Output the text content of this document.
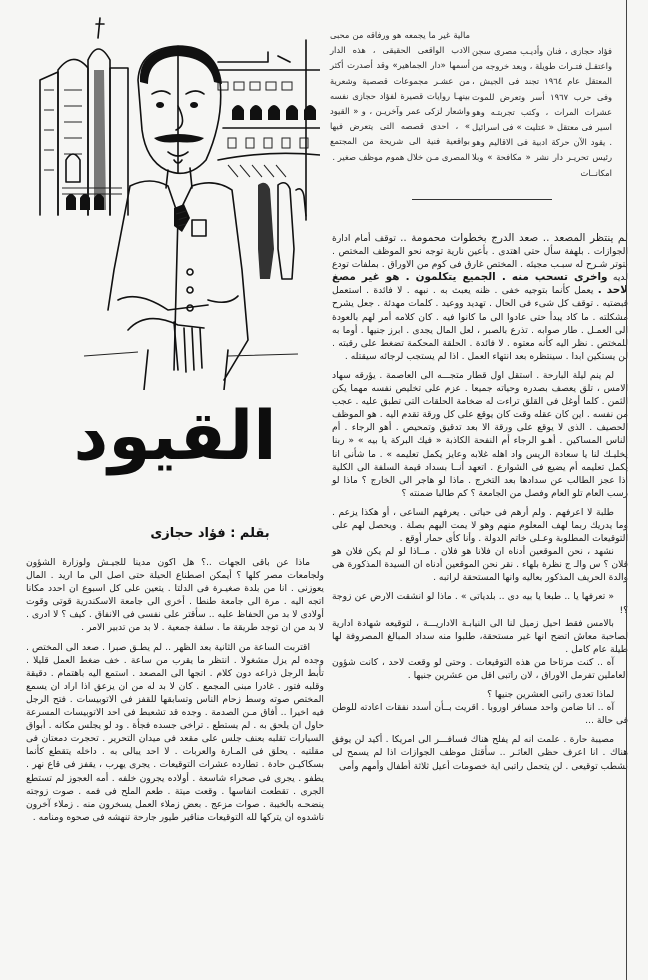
القيود
بقلم : فؤاد حجازى
فؤاد حجازى ، فنان وأديـب مصرى سجن واعتقـل فتـرات طويلة ، وبعد خروجه من المعتقل عام ١٩٦٤ تجند فى الجيش ، وفى حرب ١٩٦٧ أسر وتعرض للموت عشرات المرات ، وكتب تجربتـه وهو اسير فى معتقل « عتليت » فى اسرائيل . يقود الآن حركة ادبية فى الاقاليم وهو رئيس تحريـر دار نشر « مكافحة » وبلا امكانــات
مالية غير ما يجمعه هو ورفاقه من محبى الادب الواقعى الحقيقى ، هذه الدار أسمها «دار الجماهير» وقد أصدرت أكثر من عشـر مجموعات قصصية وشعرية بينهـا روايات قصيرة لفؤاد حجازى نفسه واشعار لزكى عمر وآخريـن ، و « القيود » ، احدى قصصه التى يتعرض فيها بواقعية فنية الى شريحة من المجتمع المصرى مـن خلال هموم موظف صغير .

ماذا عن باقى الجهات ..؟ هل اكون مدينا للجيـش ولوزارة الشؤون ولجامعات مصر كلها ؟ أيمكن اصطناع الحيلة حتى اصل الى ما اريد . المال يعوزنى . انا من بلدة صغيـرة فى الدلتا . يتعين على كل اسبوع ان احدد مكانا اتجه اليه . مرة الى جامعة طنطا . أخرى الى جامعة الاسكندرية قوتى وقوت أولادى لا بد من الحفاظ عليه .. سأقتر على نفسى فى الانفاق . كيف ؟ لا ادرى . لا بد من ان توجد طريقة ما . سلفة جمعية . لا بد من تدبير الامر .

اقتربت الساعة من الثانية بعد الظهر .. لم يطـق صبرا . صعد الى المختص . وجده لم يزل مشغولا . انتظر ما يقرب من ساعة . خف ضغط العمل قليلا . تأبط الرجل ذراعه دون كلام . اتجها الى المصعد . استمع اليه باهتمام . دقيقة وقلبه فتور . غادرا مبنى المجمع . كان لا بد له من ان يزعق اذا اراد ان يسمع المختص صوته وسط زحام الناس وتسابقها للقفز فى الاتوبيسات . فتح الرجل فيه اخيرا .. أفاق مـن الصدمة . وجده قد تشعبط فى احد الاتوبيسات المسرعة حاول ان يلحق به . لم يستطع . تراخى جسده فجأة . ود لو يجلس مكانه . أبواق السيارات تقلبه بعنف جلس على مقعد فى ميدان التحرير . تحجرت دمعتان فى مقلتيه . يحلق فى المـارة والعربات . لا احد يبالى به . داخله يتقطع كأنما بسكاكيـن حادة . تطارده عشرات التوقيعات . يجرى يهرب ، يقفز فى قاع نهر . يطفو . يجرى فى صحراء شاسعة . أولاده يجرون خلفه . أمه العجوز لم تستطع الجرى . تقطعت انفاسها . وقعت ميتة . طعم الملح فى فمه . صوت زوجته ينضحـه بالخيبة . صوات مزعج . بعض زملاء العمل يسخرون منه . زملاء آخرون ناشدوه ان يتركها لله التوقيعات مناقير طيور جارحة تنهشه فى صحوه ومنامه .

لم ينتظر المصعد .. صعد الدرج بخطوات محمومة .. توقف أمام ادارة الجوازات . بلهفة سأل حتى اهتدى . بأعين نارية توجه نحو الموظف المختص . بتوتر شـرح له سبـب مجيئه . المختص غارق فى كوم من الاوراق . بملفات تودع لديه واخرى تسحب منه . الجميع يتكلمون . هو غير مصغ لاحد . يعمل كأنما بتوجيه خفى . ظنه يعبث به . نبهه . لا فائدة . استعمل قبضتيه . توقف كل شىء فى الحال . تهديد ووعيد . كلمات مهدئة . جعل يشرح مشكلته . ما كاد يبدأ حتى عادوا الى ما كانوا فيه . كان كلامه أمر لهم بالعودة الى العمـل . طار صوابه . تذرع بالصبر ، لعل المال يجدى . ابرز جنيها . أوما به للمختص . نظر اليه كأنه معتوه . لا فائدة . الحلقة المحكمة تضغط على رقبته . لن يستكين ابدا . سينتظره بعد انتهاء العمل . اذا لم يستجب لرجائه سيقتله .

لم ينم ليلة البارحة . استقل اول قطار متجـــه الى العاصمة . يؤرقه سهاد الامس ، تلق يعصف بصدره وحياته جميعا . عزم على تخليص نفسه مهما يكن الثمن . كلما أوغل فى القلق تراءت له ضخامة الحلقات التى تطبق عليه . عجب من نفسه . اين كان عقله وقت كان يوقع على كل ورقة تقدم اليه . هو الموظف الحصيف . الذى لا يوقع على ورقة الا بعد تدقيق وتمحيص . أهو الرجاء . أم الناس المساكين . أهـو الرجاء أم النفحة الكاذبة « فيك البركة يا بيه » « ربنا يخليـك لنا يا سعادة الريس واد اهله غلابه وعايز يكمل تعليمه » . ما شأنى انا يكمل تعليمه أم يضيع فى الشوارع . اتعهد أنــا بسداد قيمة السلفة الى الكلية اذا عجز الطالب عن سدادها بعد التخرج . ماذا لو هاجر الى الخارج ؟ ماذا لو رسب العام تلو العام وفصل من الجامعة ؟ كم طالبا ضمنته ؟

طلبة لا اعرفهم . ولم أرهم فى حياتى . يعرفهم الساعى ، أو هكذا يزعم . وما يدريك ربما لهف المعلوم منهم وهو لا يمت اليهم بصلة . ويحصل لهم على التوقيعات المطلوبة وعـلى خاتم الدولة . وأنا كأى حمار أوقع .

نشهد ، نحن الموقعين أدناه ان فلانا هو فلان . مــاذا لو لم يكن فلان هو فلان ؟ س والـ ج نظرة بلهاء . نقر نحن الموقعين أدناه ان السيدة المذكورة هى والدة الحريف المذكور بعاليه وانها المستحقة لراتبه .

« تعرفها يا .. طبعا يا بيه دى .. بلدياتى » . ماذا لو انشقت الارض عن زوجة ؟!

بالامس فقط احيل زميل لنا الى النيابـة الاداريـــة ، لتوقيعه شهادة ادارية لصاحبة معاش اتضح انها غير مستحقة، طلبوا منه سداد المبالغ المصروفة لها طيلة عام كامل .

آه .. كنت مرتاحا من هذه التوقيعات . وحتى لو وقعت لاحد ، كانت شؤون العاملين تفرمل الاوراق ، لان راتبى اقل من عشرين جنيها .

لماذا تعدى راتبى العشرين جنيها ؟

آه .. انا ضامن واحد مسافر اوروبا . اقريت بــأن أسدد نفقات اعادته للوطن فى حالة ...

مصيبة حارة . علمت انه لم يفلح هناك فسافـــر الى امريكا . أكيد لن يوفق هناك . انا اعرف حظى العاثـر .. سأقتل موظف الجوازات اذا لم يسمح لى بشطب توقيعى . لن يتحمل راتبى اية خصومات أعيل ثلاثة أطفال وأمهم وأمى
